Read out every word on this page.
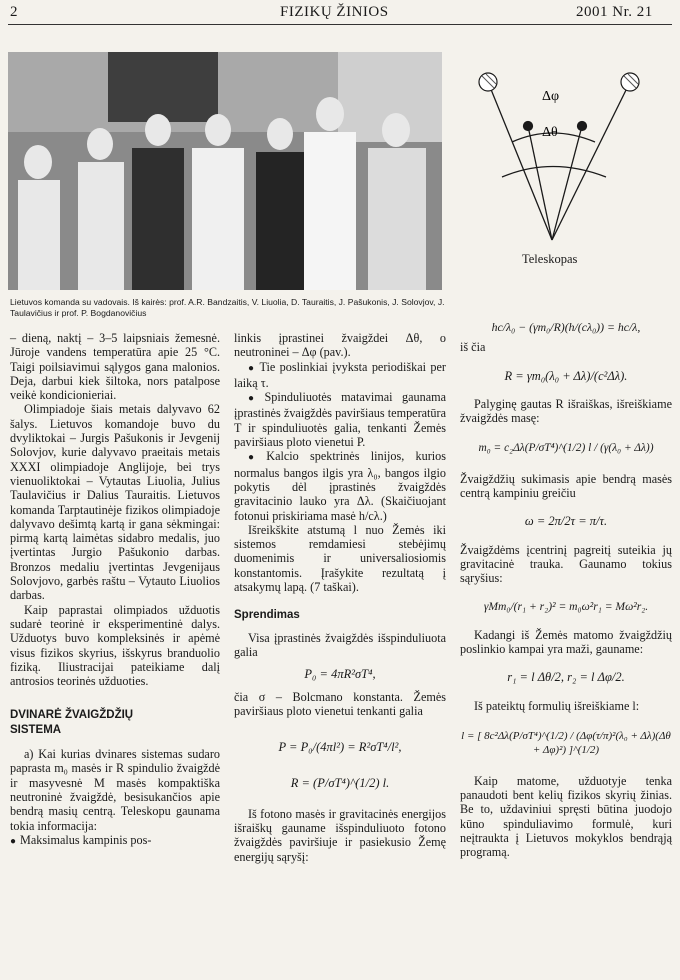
2	FIZIKŲ ŽINIOS	2001 Nr. 21
Lietuvos komanda su vadovais. Iš kairės: prof. A.R. Bandzaitis, V. Liuolia, D. Tauraitis, J. Pašukonis, J. Solovjov, J. Taulavičius ir prof. P. Bogdanovičius
Δφ
Δθ
Teleskopas

– dieną, naktį – 3–5 laipsniais žemesnė. Jūroje vandens temperatūra apie 25 °C. Taigi poilsiavimui sąlygos gana malonios. Deja, darbui kiek šiltoka, nors patalpose veikė kondicionieriai.

Olimpiadoje šiais metais dalyvavo 62 šalys. Lietuvos komandoje buvo du dvyliktokai – Jurgis Pašukonis ir Jevgenij Solovjov, kurie dalyvavo praeitais metais XXXI olimpiadoje Anglijoje, bei trys vienuoliktokai – Vytautas Liuolia, Julius Taulavičius ir Dalius Tauraitis. Lietuvos komanda Tarptautinėje fizikos olimpiadoje dalyvavo dešimtą kartą ir gana sėkmingai: pirmą kartą laimėtas sidabro medalis, juo įvertintas Jurgio Pašukonio darbas. Bronzos medaliu įvertintas Jevgenijaus Solovjovo, garbės raštu – Vytauto Liuolios darbas.

Kaip paprastai olimpiados užduotis sudarė teorinė ir eksperimentinė dalys. Užduotys buvo kompleksinės ir apėmė visus fizikos skyrius, išskyrus branduolio fiziką. Iliustracijai pateikiame dalį antrosios teorinės užduoties.

DVINARĖ ŽVAIGŽDŽIŲ

SISTEMA

a) Kai kurias dvinares sistemas sudaro paprasta m₀ masės ir R spindulio žvaigždė ir masyvesnė M masės kompaktiška neutroninė žvaigždė, besisukančios apie bendrą masių centrą. Teleskopu gaunama tokia informacija:

● Maksimalus kampinis pos-

linkis įprastinei žvaigždei Δθ, o neutroninei – Δφ (pav.).

● Tie poslinkiai įvyksta periodiškai per laiką τ.

● Spinduliuotės matavimai gaunama įprastinės žvaigždės paviršiaus temperatūra T ir spinduliuotės galia, tenkanti Žemės paviršiaus ploto vienetui P.

● Kalcio spektrinės linijos, kurios normalus bangos ilgis yra λ₀, bangos ilgio pokytis dėl įprastinės žvaigždės gravitacinio lauko yra Δλ. (Skaičiuojant fotonui priskiriama masė h/cλ.)

Išreikškite atstumą l nuo Žemės iki sistemos remdamiesi stebėjimų duomenimis ir universaliosiomis konstantomis. Įrašykite rezultatą į atsakymų lapą. (7 taškai).

Sprendimas

Visa įprastinės žvaigždės išspinduliuota galia

P₀ = 4πR²σT⁴,

čia σ – Bolcmano konstanta. Žemės paviršiaus ploto vienetui tenkanti galia

P = P₀/(4πl²) = R²σT⁴/l²,
R = (P/σT⁴)^(1/2) l.

Iš fotono masės ir gravitacinės energijos išraiškų gauname išspinduliuoto fotono žvaigždės paviršiuje ir pasiekusio Žemę energijų sąryšį:

hc/λ₀ − (γm₀/R)(h/(cλ₀)) = hc/λ,

iš čia

R = γm₀(λ₀ + Δλ)/(c²Δλ).

Palyginę gautas R išraiškas, išreiškiame žvaigždės masę:

m₀ = c₂Δλ(P/σT⁴)^(1/2) l / (γ(λ₀ + Δλ))

Žvaigždžių sukimasis apie bendrą masės centrą kampiniu greičiu

ω = 2π/2τ = π/τ.

Žvaigždėms įcentrinį pagreitį suteikia jų gravitacinė trauka. Gaunamo tokius sąryšius:

γMm₀/(r₁ + r₂)² = m₀ω²r₁ = Mω²r₂.

Kadangi iš Žemės matomo žvaigždžių poslinkio kampai yra maži, gauname:

r₁ = l Δθ/2, r₂ = l Δφ/2.

Iš pateiktų formulių išreiškiame l:

l = [ 8c²Δλ(P/σT⁴)^(1/2) / (Δφ(τ/π)²(λ₀ + Δλ)(Δθ + Δφ)²) ]^(1/2)

Kaip matome, užduotyje tenka panaudoti bent kelių fizikos skyrių žinias. Be to, uždaviniui spręsti būtina juodojo kūno spinduliavimo formulė, kuri neįtraukta į Lietuvos mokyklos bendrąją programą.
